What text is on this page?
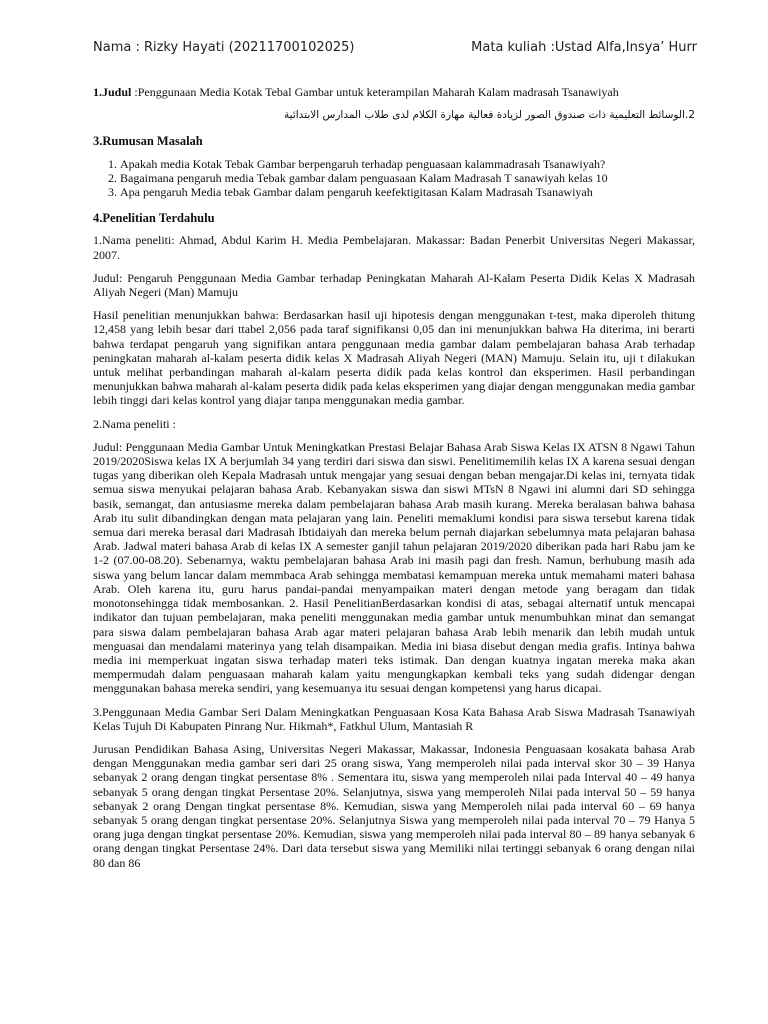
Nama : Rizky Hayati (20211700102025)	Mata kuliah :Ustad Alfa,Insya’ Hurr

1.Judul :Penggunaan Media Kotak Tebal Gambar untuk keterampilan Maharah Kalam madrasah Tsanawiyah

2.الوسائط التعليمية ذات صندوق الصور لزيادة فعالية مهارة الكلام لدى طلاب المدارس الابتدائية
3.Rumusan Masalah
1. Apakah media Kotak Tebak Gambar berpengaruh terhadap penguasaan kalammadrasah Tsanawiyah?
2. Bagaimana pengaruh media Tebak gambar dalam penguasaan Kalam Madrasah T sanawiyah kelas 10
3. Apa pengaruh Media tebak Gambar dalam pengaruh keefektigitasan Kalam Madrasah Tsanawiyah
4.Penelitian Terdahulu

1.Nama peneliti: Ahmad, Abdul Karim H. Media Pembelajaran. Makassar: Badan Penerbit Universitas Negeri Makassar, 2007.

Judul: Pengaruh Penggunaan Media Gambar terhadap Peningkatan Maharah Al-Kalam Peserta Didik Kelas X Madrasah Aliyah Negeri (Man) Mamuju

Hasil penelitian menunjukkan bahwa: Berdasarkan hasil uji hipotesis dengan menggunakan t-test, maka diperoleh thitung 12,458 yang lebih besar dari ttabel 2,056 pada taraf signifikansi 0,05 dan ini menunjukkan bahwa Ha diterima, ini berarti bahwa terdapat pengaruh yang signifikan antara penggunaan media gambar dalam pembelajaran bahasa Arab terhadap peningkatan maharah al-kalam peserta didik kelas X Madrasah Aliyah Negeri (MAN) Mamuju. Selain itu, uji t dilakukan untuk melihat perbandingan maharah al-kalam peserta didik pada kelas kontrol dan eksperimen. Hasil perbandingan menunjukkan bahwa maharah al-kalam peserta didik pada kelas eksperimen yang diajar dengan menggunakan media gambar lebih tinggi dari kelas kontrol yang diajar tanpa menggunakan media gambar.

2.Nama peneliti :

Judul: Penggunaan Media Gambar Untuk Meningkatkan Prestasi Belajar Bahasa Arab Siswa Kelas IX ATSN 8 Ngawi Tahun 2019/2020Siswa kelas IX A berjumlah 34 yang terdiri dari siswa dan siswi. Penelitimemilih kelas IX A karena sesuai dengan tugas yang diberikan oleh Kepala Madrasah untuk mengajar yang sesuai dengan beban mengajar.Di kelas ini, ternyata tidak semua siswa menyukai pelajaran bahasa Arab. Kebanyakan siswa dan siswi MTsN 8 Ngawi ini alumni dari SD sehingga basik, semangat, dan antusiasme mereka dalam pembelajaran bahasa Arab masih kurang. Mereka beralasan bahwa bahasa Arab itu sulit dibandingkan dengan mata pelajaran yang lain. Peneliti memaklumi kondisi para siswa tersebut karena tidak semua dari mereka berasal dari Madrasah Ibtidaiyah dan mereka belum pernah diajarkan sebelumnya mata pelajaran bahasa Arab. Jadwal materi bahasa Arab di kelas IX A semester ganjil tahun pelajaran 2019/2020 diberikan pada hari Rabu jam ke 1-2 (07.00-08.20). Sebenarnya, waktu pembelajaran bahasa Arab ini masih pagi dan fresh. Namun, berhubung masih ada siswa yang belum lancar dalam memmbaca Arab sehingga membatasi kemampuan mereka untuk memahami materi bahasa Arab. Oleh karena itu, guru harus pandai-pandai menyampaikan materi dengan metode yang beragam dan tidak monotonsehingga tidak membosankan. 2. Hasil PenelitianBerdasarkan kondisi di atas, sebagai alternatif untuk mencapai indikator dan tujuan pembelajaran, maka peneliti menggunakan media gambar untuk menumbuhkan minat dan semangat para siswa dalam pembelajaran bahasa Arab agar materi pelajaran bahasa Arab lebih menarik dan lebih mudah untuk menguasai dan mendalami materinya yang telah disampaikan. Media ini biasa disebut dengan media grafis. Intinya bahwa media ini memperkuat ingatan siswa terhadap materi teks istimak. Dan dengan kuatnya ingatan mereka maka akan mempermudah dalam penguasaan maharah kalam yaitu mengungkapkan kembali teks yang sudah didengar dengan menggunakan bahasa mereka sendiri, yang kesemuanya itu sesuai dengan kompetensi yang harus dicapai.

3.Penggunaan Media Gambar Seri Dalam Meningkatkan Penguasaan Kosa Kata Bahasa Arab Siswa Madrasah Tsanawiyah Kelas Tujuh Di Kabupaten Pinrang Nur. Hikmah*, Fatkhul Ulum, Mantasiah R

Jurusan Pendidikan Bahasa Asing, Universitas Negeri Makassar, Makassar, Indonesia Penguasaan kosakata bahasa Arab dengan Menggunakan media gambar seri dari 25 orang siswa, Yang memperoleh nilai pada interval skor 30 – 39 Hanya sebanyak 2 orang dengan tingkat persentase 8% . Sementara itu, siswa yang memperoleh nilai pada Interval 40 – 49 hanya sebanyak 5 orang dengan tingkat Persentase 20%. Selanjutnya, siswa yang memperoleh Nilai pada interval 50 – 59 hanya sebanyak 2 orang Dengan tingkat persentase 8%. Kemudian, siswa yang Memperoleh nilai pada interval 60 – 69 hanya sebanyak 5 orang dengan tingkat persentase 20%. Selanjutnya Siswa yang memperoleh nilai pada interval 70 – 79 Hanya 5 orang juga dengan tingkat persentase 20%. Kemudian, siswa yang memperoleh nilai pada interval 80 – 89 hanya sebanyak 6 orang dengan tingkat Persentase 24%. Dari data tersebut siswa yang Memiliki nilai tertinggi sebanyak 6 orang dengan nilai 80 dan 86
